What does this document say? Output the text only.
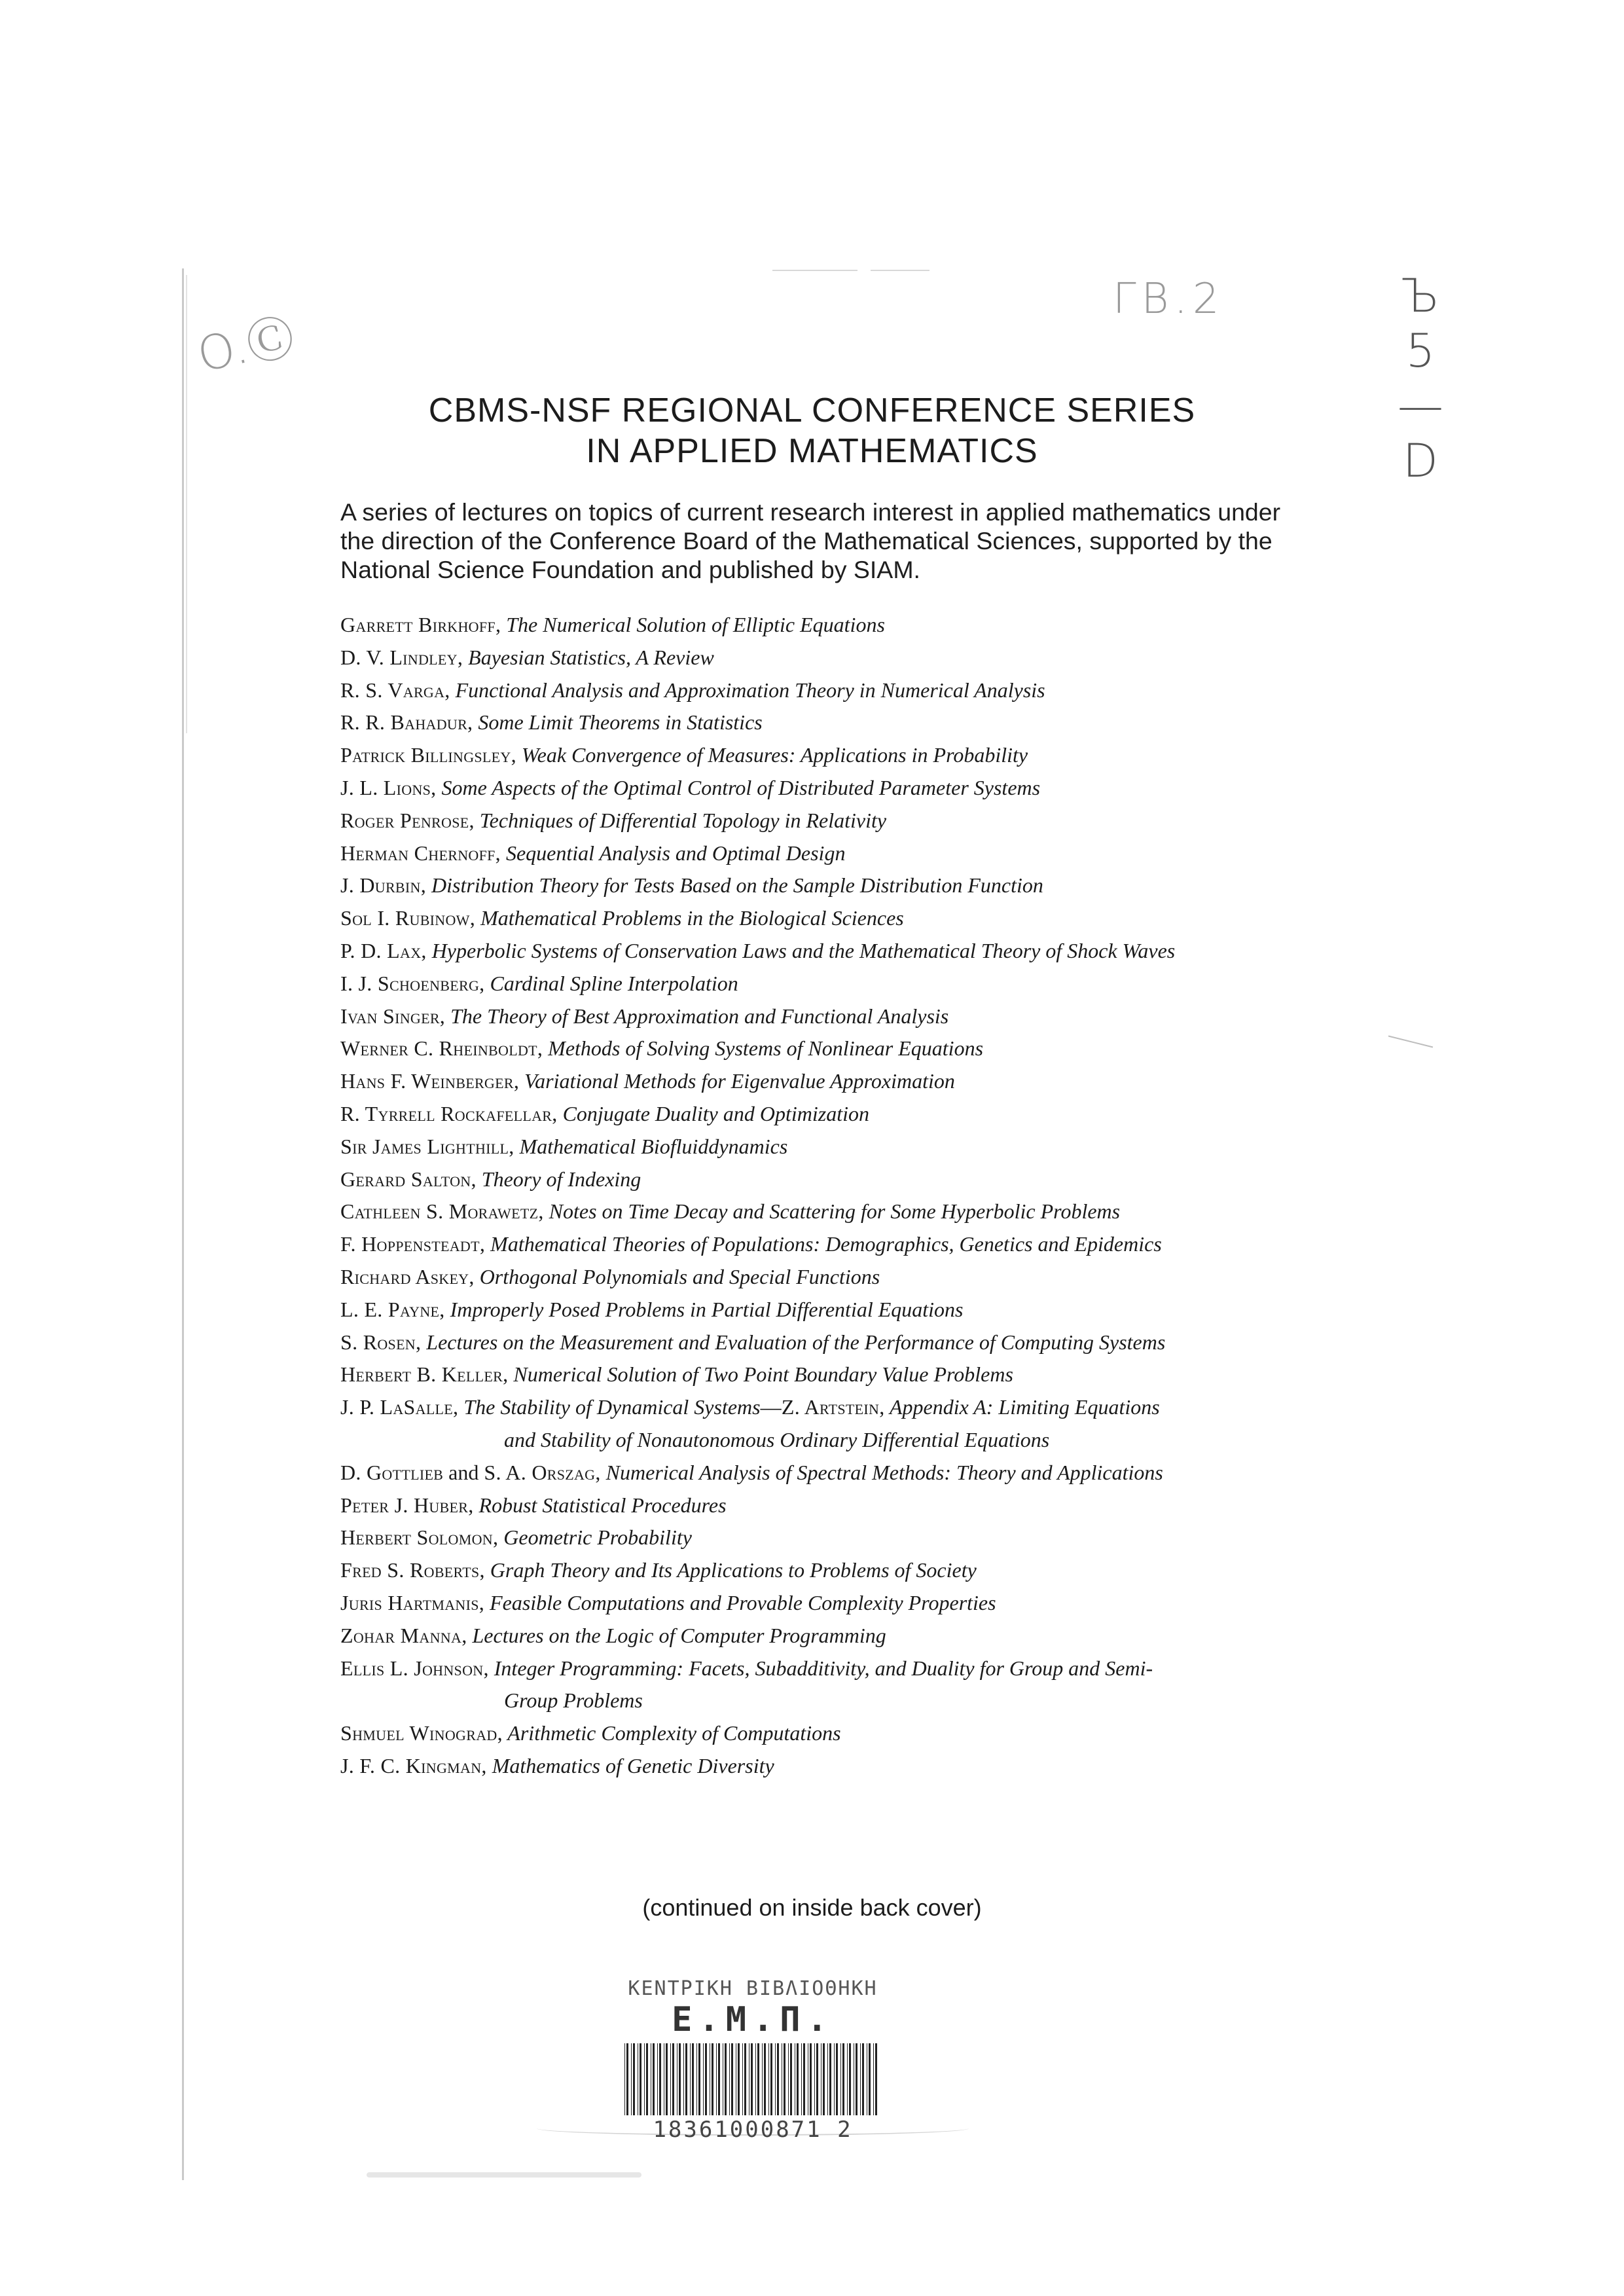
O.Ⓒ
ΓΒ.2	Ъ
5
—
D
CBMS-NSF REGIONAL CONFERENCE SERIES
IN APPLIED MATHEMATICS
A series of lectures on topics of current research interest in applied mathematics under the direction of the Conference Board of the Mathematical Sciences, supported by the National Science Foundation and published by SIAM.
Garrett Birkhoff, The Numerical Solution of Elliptic Equations
D. V. Lindley, Bayesian Statistics, A Review
R. S. Varga, Functional Analysis and Approximation Theory in Numerical Analysis
R. R. Bahadur, Some Limit Theorems in Statistics
Patrick Billingsley, Weak Convergence of Measures: Applications in Probability
J. L. Lions, Some Aspects of the Optimal Control of Distributed Parameter Systems
Roger Penrose, Techniques of Differential Topology in Relativity
Herman Chernoff, Sequential Analysis and Optimal Design
J. Durbin, Distribution Theory for Tests Based on the Sample Distribution Function
Sol I. Rubinow, Mathematical Problems in the Biological Sciences
P. D. Lax, Hyperbolic Systems of Conservation Laws and the Mathematical Theory of Shock Waves
I. J. Schoenberg, Cardinal Spline Interpolation
Ivan Singer, The Theory of Best Approximation and Functional Analysis
Werner C. Rheinboldt, Methods of Solving Systems of Nonlinear Equations
Hans F. Weinberger, Variational Methods for Eigenvalue Approximation
R. Tyrrell Rockafellar, Conjugate Duality and Optimization
Sir James Lighthill, Mathematical Biofluiddynamics
Gerard Salton, Theory of Indexing
Cathleen S. Morawetz, Notes on Time Decay and Scattering for Some Hyperbolic Problems
F. Hoppensteadt, Mathematical Theories of Populations: Demographics, Genetics and Epidemics
Richard Askey, Orthogonal Polynomials and Special Functions
L. E. Payne, Improperly Posed Problems in Partial Differential Equations
S. Rosen, Lectures on the Measurement and Evaluation of the Performance of Computing Systems
Herbert B. Keller, Numerical Solution of Two Point Boundary Value Problems
J. P. LaSalle, The Stability of Dynamical Systems—Z. Artstein, Appendix A: Limiting Equations
and Stability of Nonautonomous Ordinary Differential Equations
D. Gottlieb and S. A. Orszag, Numerical Analysis of Spectral Methods: Theory and Applications
Peter J. Huber, Robust Statistical Procedures
Herbert Solomon, Geometric Probability
Fred S. Roberts, Graph Theory and Its Applications to Problems of Society
Juris Hartmanis, Feasible Computations and Provable Complexity Properties
Zohar Manna, Lectures on the Logic of Computer Programming
Ellis L. Johnson, Integer Programming: Facets, Subadditivity, and Duality for Group and Semi-
Group Problems
Shmuel Winograd, Arithmetic Complexity of Computations
J. F. C. Kingman, Mathematics of Genetic Diversity
(continued on inside back cover)
KENTPIKH BIBΛIOΘHKH
E.M.Π.
18361000871 2
